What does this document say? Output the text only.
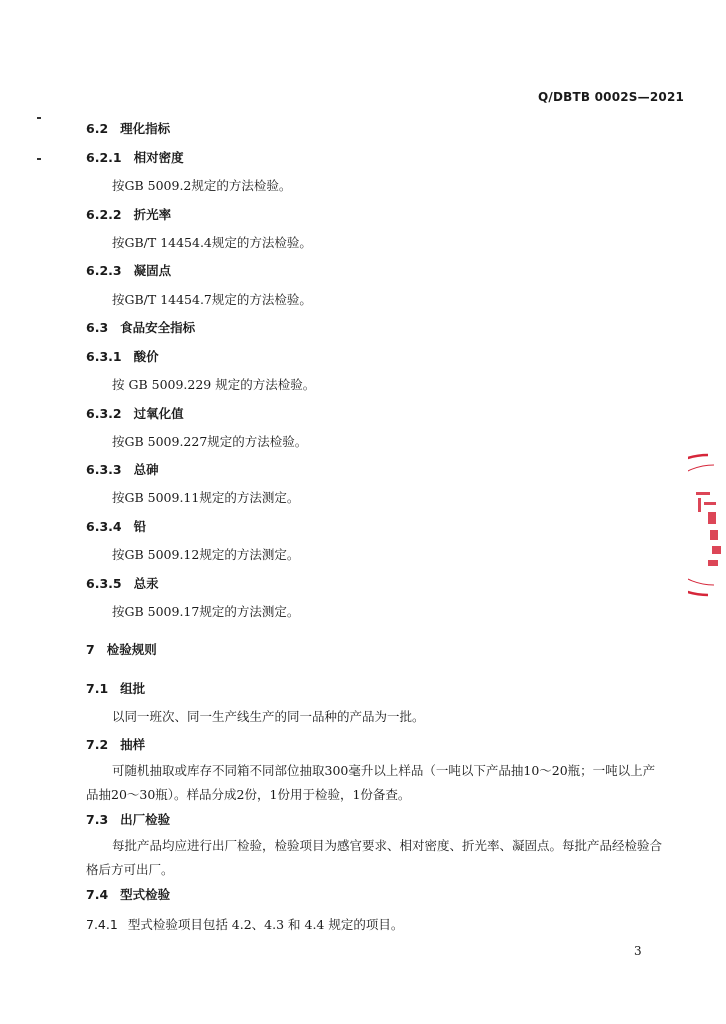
Q/DBTB 0002S—2021
6.2 理化指标
6.2.1 相对密度
按GB 5009.2规定的方法检验。
6.2.2 折光率
按GB/T 14454.4规定的方法检验。
6.2.3 凝固点
按GB/T 14454.7规定的方法检验。
6.3 食品安全指标
6.3.1 酸价
按 GB 5009.229 规定的方法检验。
6.3.2 过氧化值
按GB 5009.227规定的方法检验。
6.3.3 总砷
按GB 5009.11规定的方法测定。
6.3.4 铅
按GB 5009.12规定的方法测定。
6.3.5 总汞
按GB 5009.17规定的方法测定。
7 检验规则
7.1 组批
以同一班次、同一生产线生产的同一品种的产品为一批。
7.2 抽样
可随机抽取或库存不同箱不同部位抽取300毫升以上样品（一吨以下产品抽10～20瓶；一吨以上产品抽20～30瓶）。样品分成2份，1份用于检验，1份备查。
7.3 出厂检验
每批产品均应进行出厂检验，检验项目为感官要求、相对密度、折光率、凝固点。每批产品经检验合格后方可出厂。
7.4 型式检验
7.4.1 型式检验项目包括 4.2、4.3 和 4.4 规定的项目。
3
